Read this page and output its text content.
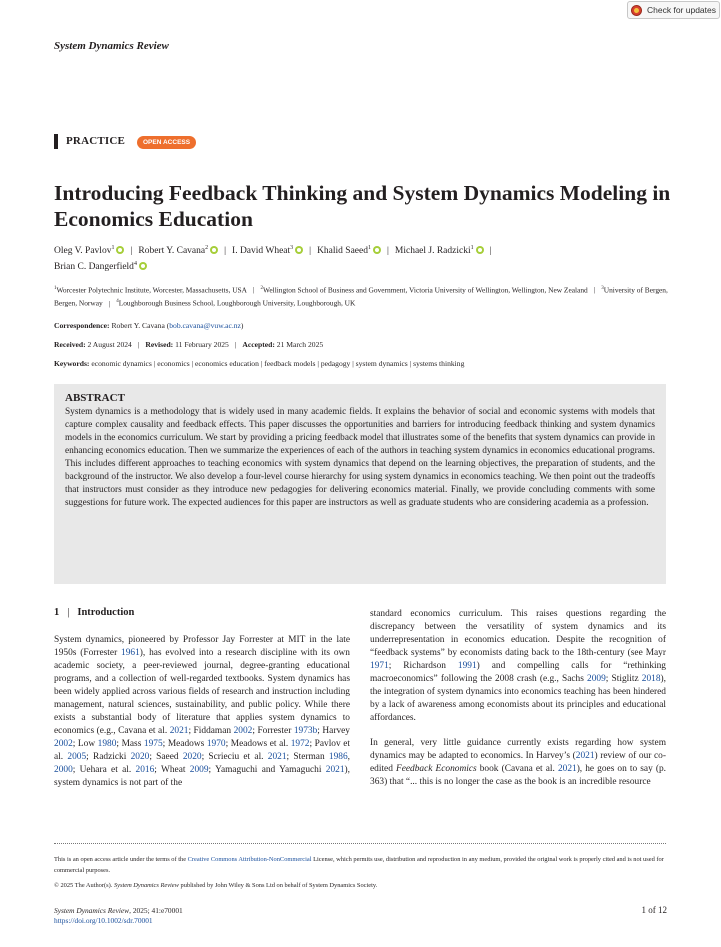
Check for updates
System Dynamics Review
PRACTICE	OPEN ACCESS
Introducing Feedback Thinking and System Dynamics Modeling in Economics Education
Oleg V. Pavlov$^1$ | Robert Y. Cavana$^2$ | I. David Wheat$^3$ | Khalid Saeed$^1$ | Michael J. Radzicki$^1$ |
Brian C. Dangerfield$^4$
$^1$Worcester Polytechnic Institute, Worcester, Massachusetts, USA | $^2$Wellington School of Business and Government, Victoria University of Wellington, Wellington, New Zealand | $^3$University of Bergen, Bergen, Norway | $^4$Loughborough Business School, Loughborough University, Loughborough, UK
Correspondence: Robert Y. Cavana (bob.cavana@vuw.ac.nz)
Received: 2 August 2024 | Revised: 11 February 2025 | Accepted: 21 March 2025
Keywords: economic dynamics | economics | economics education | feedback models | pedagogy | system dynamics | systems thinking
ABSTRACT
System dynamics is a methodology that is widely used in many academic fields. It explains the behavior of social and economic systems with models that capture complex causality and feedback effects. This paper discusses the opportunities and barriers for introducing feedback thinking and system dynamics models in the economics curriculum. We start by providing a pricing feedback model that illustrates some of the benefits that system dynamics can provide in enhancing economics education. Then we summarize the experiences of each of the authors in teaching system dynamics in economics educational programs. This includes different approaches to teaching economics with system dynamics that depend on the learning objectives, the preparation of students, and the background of the instructor. We also develop a four-level course hierarchy for using system dynamics in economics teaching. We then point out the tradeoffs that instructors must consider as they introduce new pedagogies for delivering economics material. Finally, we provide concluding comments with some suggestions for future work. The expected audiences for this paper are instructors as well as graduate students who are considering academia as a profession.
1 | Introduction

System dynamics, pioneered by Professor Jay Forrester at MIT in the late 1950s (Forrester 1961), has evolved into a research discipline with its own academic society, a peer-reviewed journal, degree-granting educational programs, and a collection of well-regarded textbooks. System dynamics has been widely applied across various fields of research and instruction including management, natural sciences, sustainability, and public policy. While there exists a substantial body of literature that applies system dynamics to economics (e.g., Cavana et al. 2021; Fiddaman 2002; Forrester 1973b; Harvey 2002; Low 1980; Mass 1975; Meadows 1970; Meadows et al. 1972; Pavlov et al. 2005; Radzicki 2020; Saeed 2020; Scrieciu et al. 2021; Sterman 1986, 2000; Uehara et al. 2016; Wheat 2009; Yamaguchi and Yamaguchi 2021), system dynamics is not part of the

standard economics curriculum. This raises questions regarding the discrepancy between the versatility of system dynamics and its underrepresentation in economics education. Despite the recognition of “feedback systems” by economists dating back to the 18th-century (see Mayr 1971; Richardson 1991) and compelling calls for “rethinking macroeconomics” following the 2008 crash (e.g., Sachs 2009; Stiglitz 2018), the integration of system dynamics into economics teaching has been hindered by a lack of awareness among economists about its principles and educational affordances.

In general, very little guidance currently exists regarding how system dynamics may be adapted to economics. In Harvey’s (2021) review of our co-edited Feedback Economics book (Cavana et al. 2021), he goes on to say (p. 363) that “... this is no longer the case as the book is an incredible resource

This is an open access article under the terms of the Creative Commons Attribution-NonCommercial License, which permits use, distribution and reproduction in any medium, provided the original work is properly cited and is not used for commercial purposes.
© 2025 The Author(s). System Dynamics Review published by John Wiley & Sons Ltd on behalf of System Dynamics Society.
System Dynamics Review, 2025; 41:e70001
https://doi.org/10.1002/sdr.70001
1 of 12
